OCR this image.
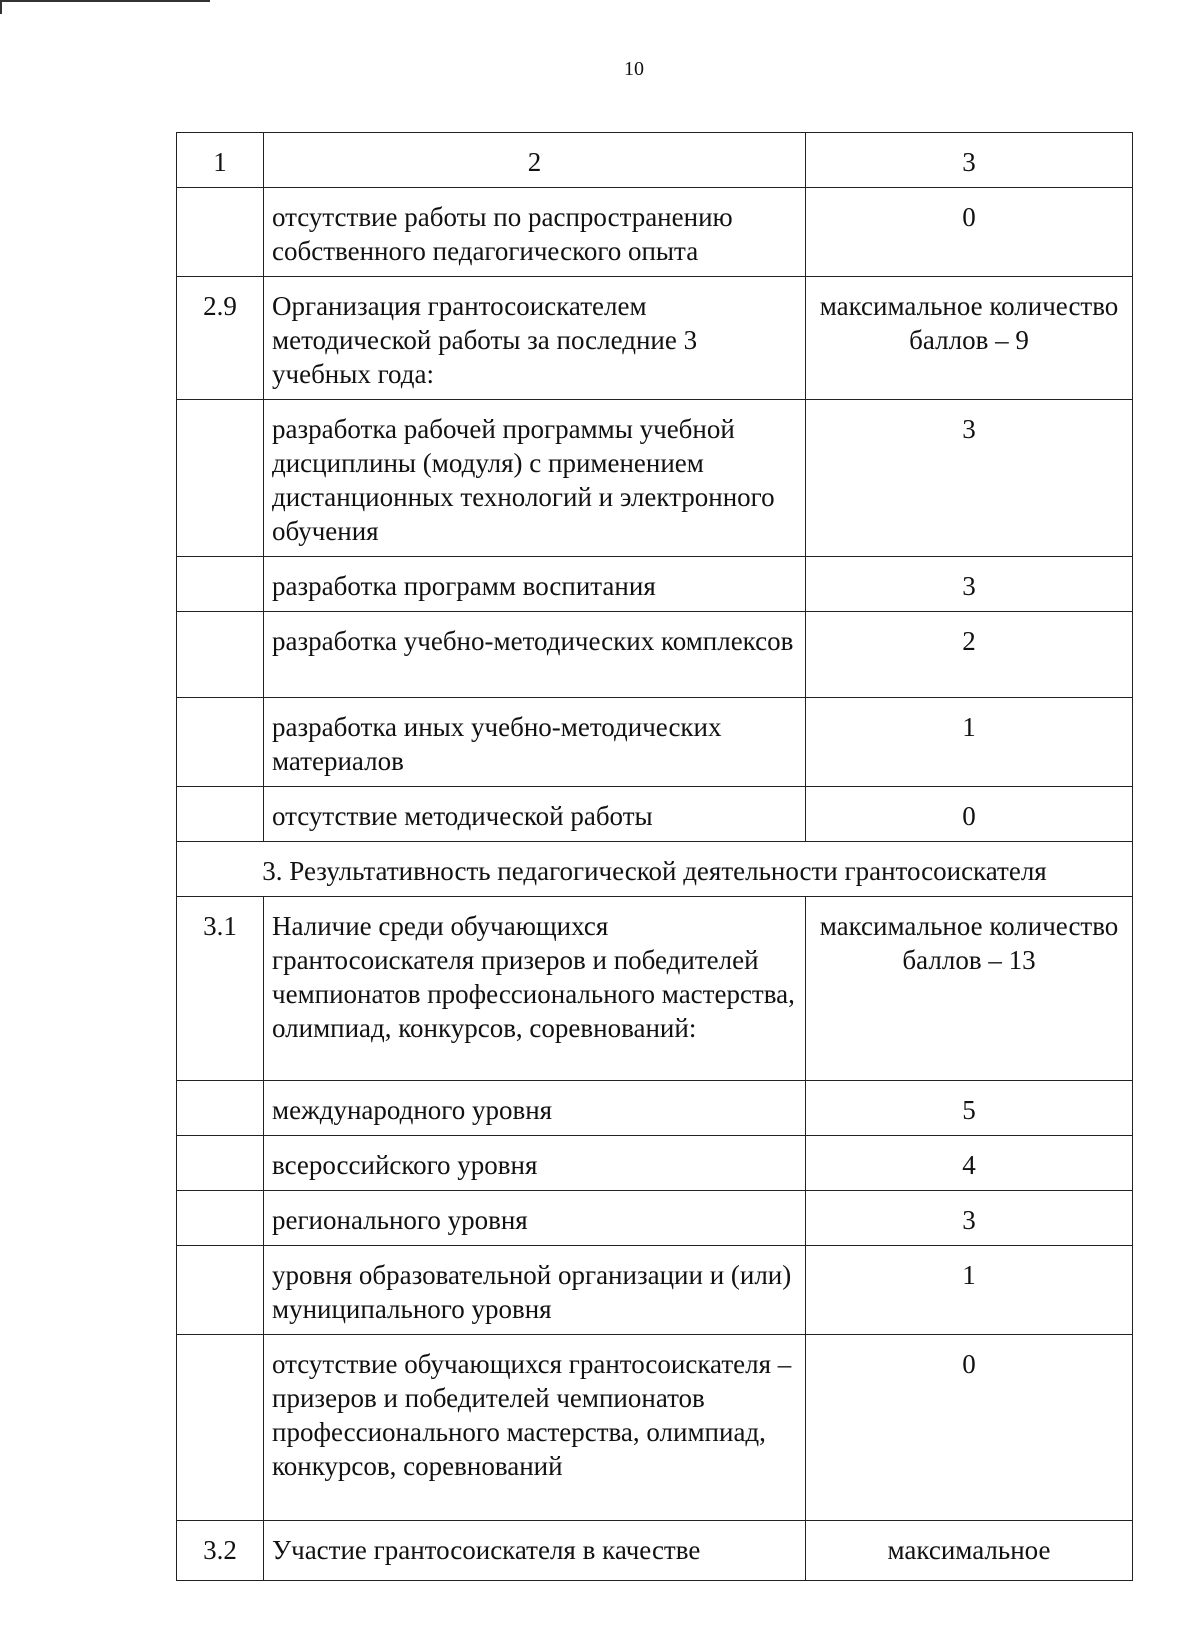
10
1	2	3
	отсутствие работы по распространению собственного педагогического опыта	0
2.9	Организация грантосоискателем методической работы за последние 3 учебных года:	максимальное количество баллов – 9
	разработка рабочей программы учебной дисциплины (модуля) с применением дистанционных технологий и электронного обучения	3
	разработка программ воспитания	3
	разработка учебно-методических комплексов	2
	разработка иных учебно-методических материалов	1
	отсутствие методической работы	0
3. Результативность педагогической деятельности грантосоискателя		
3.1	Наличие среди обучающихся грантосоискателя призеров и победителей чемпионатов профессионального мастерства, олимпиад, конкурсов, соревнований:	максимальное количество баллов – 13
	международного уровня	5
	всероссийского уровня	4
	регионального уровня	3
	уровня образовательной организации и (или) муниципального уровня	1
	отсутствие обучающихся грантосоискателя – призеров и победителей чемпионатов профессионального мастерства, олимпиад, конкурсов, соревнований	0
3.2	Участие грантосоискателя в качестве	максимальное
